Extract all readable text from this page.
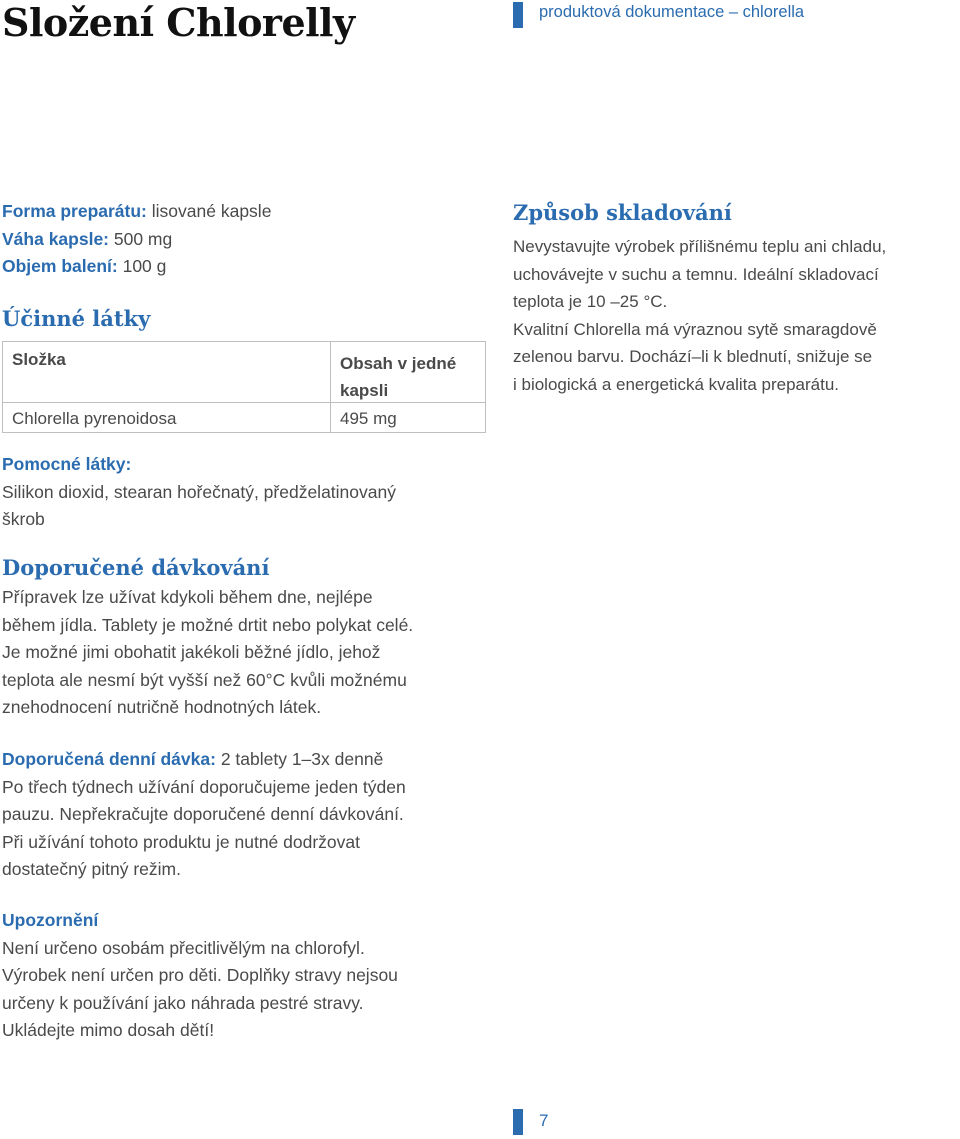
Složení Chlorelly	produktová dokumentace – chlorella
Forma preparátu: lisované kapsle
Váha kapsle: 500 mg
Objem balení: 100 g
Účinné látky
Složka	Obsah v jedné
kapsli
Chlorella pyrenoidosa	495 mg
Pomocné látky:
Silikon dioxid, stearan hořečnatý, předželatinovaný
škrob
Doporučené dávkování
Přípravek lze užívat kdykoli během dne, nejlépe
během jídla. Tablety je možné drtit nebo polykat celé.
Je možné jimi obohatit jakékoli běžné jídlo, jehož
teplota ale nesmí být vyšší než 60°C kvůli možnému
znehodnocení nutričně hodnotných látek.
Doporučená denní dávka: 2 tablety 1–3x denně
Po třech týdnech užívání doporučujeme jeden týden
pauzu. Nepřekračujte doporučené denní dávkování.
Při užívání tohoto produktu je nutné dodržovat
dostatečný pitný režim.
Upozornění
Není určeno osobám přecitlivělým na chlorofyl.
Výrobek není určen pro děti. Doplňky stravy nejsou
určeny k používání jako náhrada pestré stravy.
Ukládejte mimo dosah dětí!
Způsob skladování
Nevystavujte výrobek přílišnému teplu ani chladu,
uchovávejte v suchu a temnu. Ideální skladovací
teplota je 10 –25 °C.
Kvalitní Chlorella má výraznou sytě smaragdově
zelenou barvu. Dochází–li k blednutí, snižuje se
i biologická a energetická kvalita preparátu.
7
